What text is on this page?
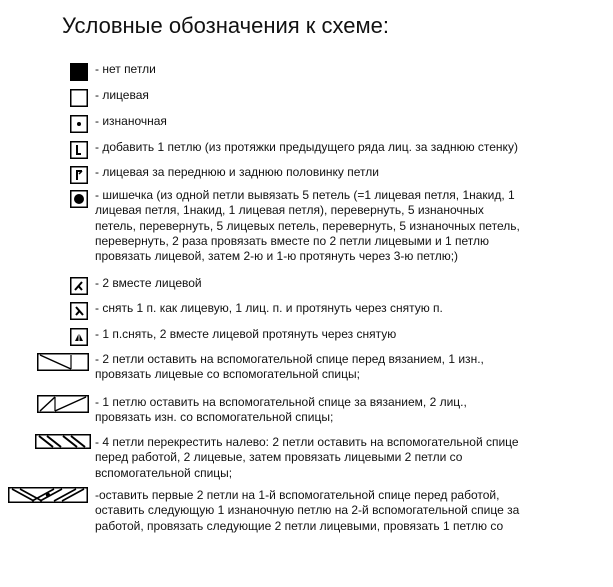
Условные обозначения к схеме:
- нет петли
- лицевая
- изнаночная
- добавить 1 петлю (из протяжки предыдущего ряда лиц. за заднюю стенку)
- лицевая за переднюю и заднюю половинку петли
- шишечка (из одной петли вывязать 5 петель (=1 лицевая петля, 1накид, 1
лицевая петля, 1накид, 1 лицевая петля), перевернуть, 5 изнаночных
петель, перевернуть, 5 лицевых петель, перевернуть, 5 изнаночных петель,
перевернуть, 2 раза провязать вместе по 2 петли лицевыми и 1 петлю
провязать лицевой, затем 2-ю и 1-ю протянуть через 3-ю петлю;)
- 2 вместе лицевой
- снять 1 п. как лицевую, 1 лиц. п. и протянуть через снятую п.
- 1 п.снять, 2 вместе лицевой протянуть через снятую
- 2 петли оставить на вспомогательной спице перед вязанием, 1 изн.,
провязать лицевые со вспомогательной спицы;
- 1 петлю оставить на вспомогательной спице за вязанием, 2 лиц.,
провязать изн. со вспомогательной спицы;
- 4 петли перекрестить налево: 2 петли оставить на вспомогательной спице
перед работой, 2 лицевые, затем провязать лицевыми 2 петли со
вспомогательной спицы;
-оставить первые 2 петли на 1-й вспомогательной спице перед работой,
оставить следующую 1 изнаночную петлю на 2-й вспомогательной спице за
работой, провязать следующие 2 петли лицевыми, провязать 1 петлю со
